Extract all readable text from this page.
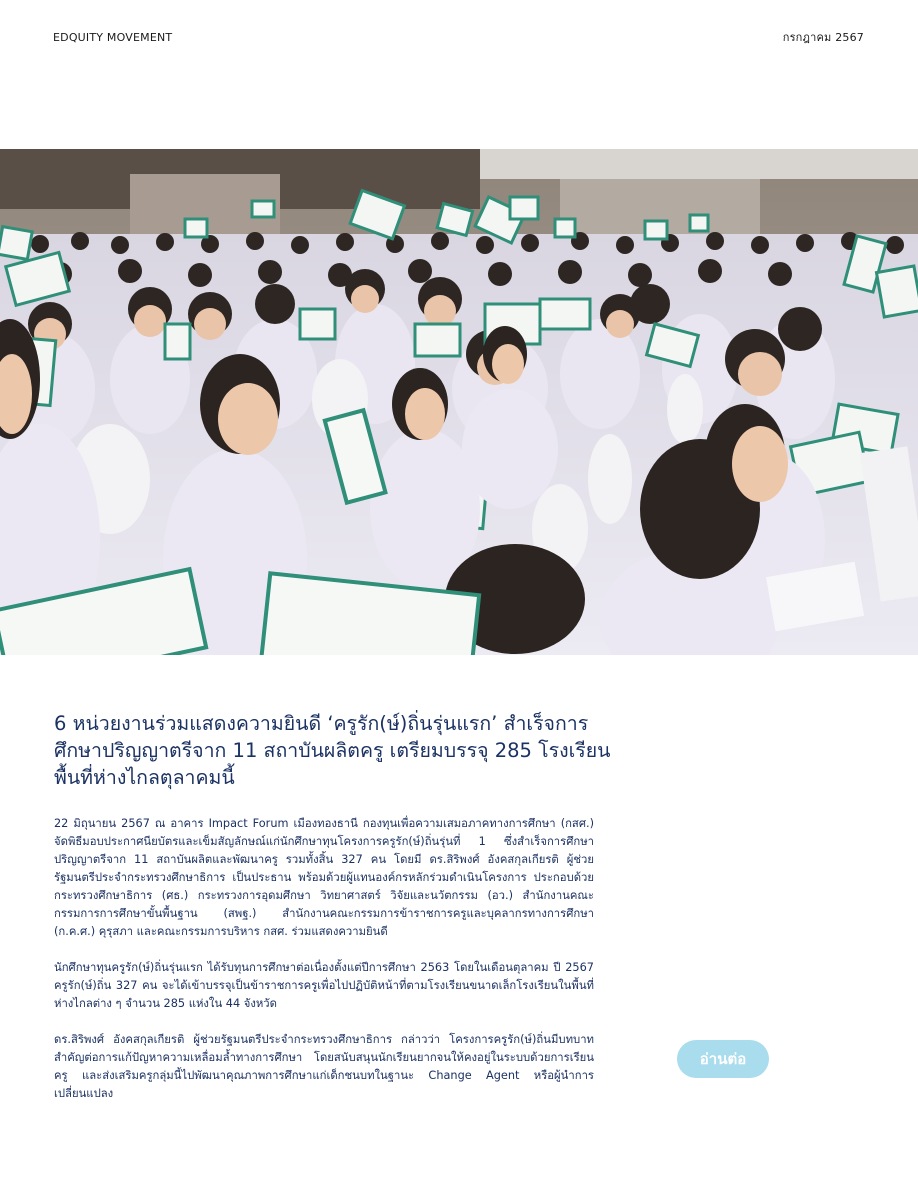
EDQUITY MOVEMENT	กรกฎาคม 2567
6 หน่วยงานร่วมแสดงความยินดี ‘ครูรัก(ษ์)ถิ่นรุ่นแรก’ สำเร็จการศึกษาปริญญาตรีจาก 11 สถาบันผลิตครู เตรียมบรรจุ 285 โรงเรียนพื้นที่ห่างไกลตุลาคมนี้

22 มิถุนายน 2567 ณ อาคาร Impact Forum เมืองทองธานี กองทุนเพื่อความเสมอภาคทางการศึกษา (กสศ.) จัดพิธีมอบประกาศนียบัตรและเข็มสัญลักษณ์แก่นักศึกษาทุนโครงการครูรัก(ษ์)ถิ่นรุ่นที่ 1 ซึ่งสำเร็จการศึกษาปริญญาตรีจาก 11 สถาบันผลิตและพัฒนาครู รวมทั้งสิ้น 327 คน โดยมี ดร.สิริพงศ์ อังคสกุลเกียรติ ผู้ช่วยรัฐมนตรีประจำกระทรวงศึกษาธิการ เป็นประธาน พร้อมด้วยผู้แทนองค์กรหลักร่วมดำเนินโครงการ ประกอบด้วย กระทรวงศึกษาธิการ (ศธ.) กระทรวงการอุดมศึกษา วิทยาศาสตร์ วิจัยและนวัตกรรม (อว.) สำนักงานคณะกรรมการการศึกษาขั้นพื้นฐาน (สพฐ.) สำนักงานคณะกรรมการข้าราชการครูและบุคลากรทางการศึกษา (ก.ค.ศ.) คุรุสภา และคณะกรรมการบริหาร กสศ. ร่วมแสดงความยินดี

นักศึกษาทุนครูรัก(ษ์)ถิ่นรุ่นแรก ได้รับทุนการศึกษาต่อเนื่องตั้งแต่ปีการศึกษา 2563 โดยในเดือนตุลาคม ปี 2567 ครูรัก(ษ์)ถิ่น 327 คน จะได้เข้าบรรจุเป็นข้าราชการครูเพื่อไปปฏิบัติหน้าที่ตามโรงเรียนขนาดเล็กโรงเรียนในพื้นที่ห่างไกลต่าง ๆ จำนวน 285 แห่งใน 44 จังหวัด

ดร.สิริพงศ์ อังคสกุลเกียรติ ผู้ช่วยรัฐมนตรีประจำกระทรวงศึกษาธิการ กล่าวว่า โครงการครูรัก(ษ์)ถิ่นมีบทบาทสำคัญต่อการแก้ปัญหาความเหลื่อมล้ำทางการศึกษา โดยสนับสนุนนักเรียนยากจนให้คงอยู่ในระบบด้วยการเรียนครู และส่งเสริมครูกลุ่มนี้ไปพัฒนาคุณภาพการศึกษาแก่เด็กชนบทในฐานะ Change Agent หรือผู้นำการเปลี่ยนแปลง

อ่านต่อ
